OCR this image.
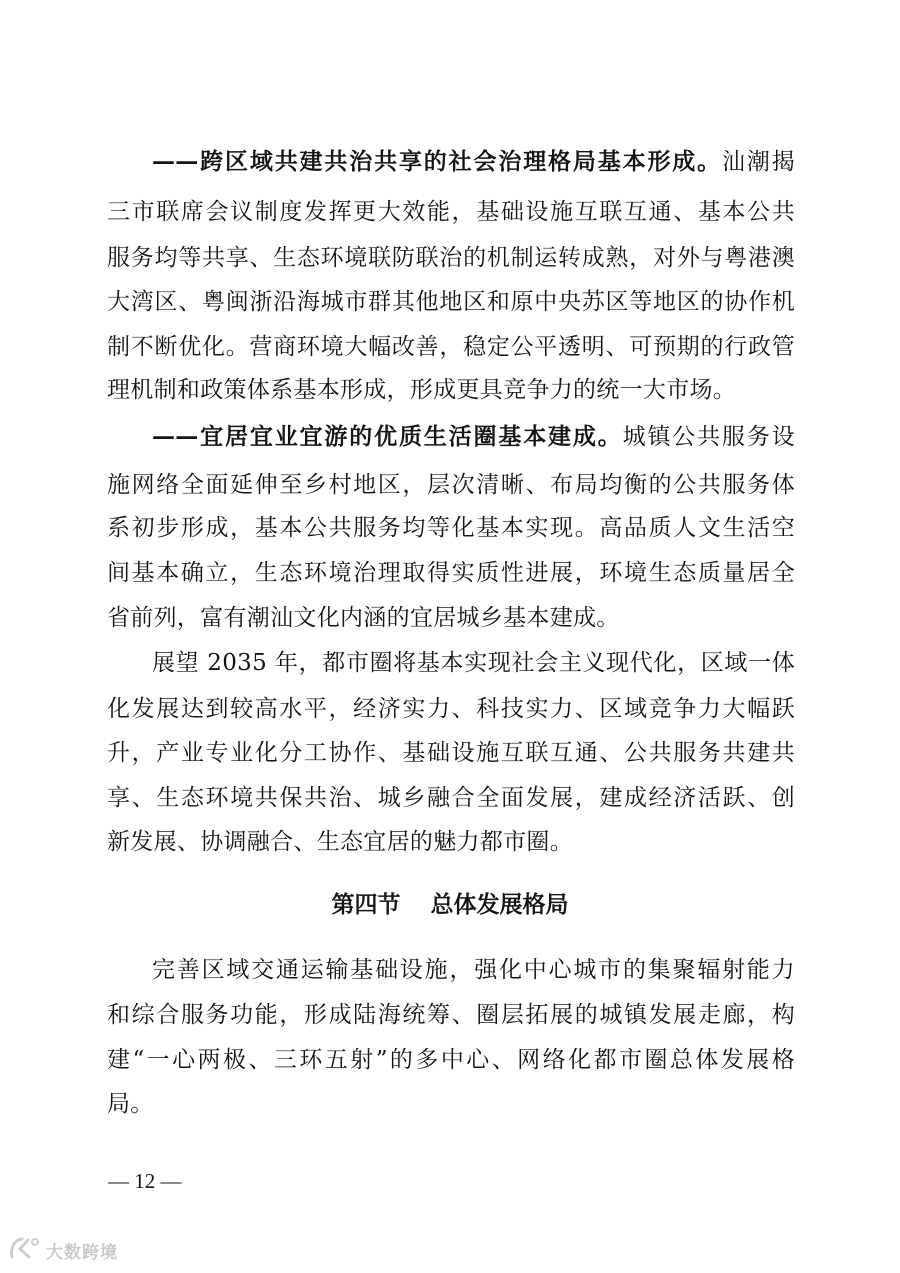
——跨区域共建共治共享的社会治理格局基本形成。汕潮揭
三市联席会议制度发挥更大效能，基础设施互联互通、基本公共
服务均等共享、生态环境联防联治的机制运转成熟，对外与粤港澳
大湾区、粤闽浙沿海城市群其他地区和原中央苏区等地区的协作机
制不断优化。营商环境大幅改善，稳定公平透明、可预期的行政管
理机制和政策体系基本形成，形成更具竞争力的统一大市场。
——宜居宜业宜游的优质生活圈基本建成。城镇公共服务设
施网络全面延伸至乡村地区，层次清晰、布局均衡的公共服务体
系初步形成，基本公共服务均等化基本实现。高品质人文生活空
间基本确立，生态环境治理取得实质性进展，环境生态质量居全
省前列，富有潮汕文化内涵的宜居城乡基本建成。
展望 2035 年，都市圈将基本实现社会主义现代化，区域一体
化发展达到较高水平，经济实力、科技实力、区域竞争力大幅跃
升，产业专业化分工协作、基础设施互联互通、公共服务共建共
享、生态环境共保共治、城乡融合全面发展，建成经济活跃、创
新发展、协调融合、生态宜居的魅力都市圈。
第四节 总体发展格局
完善区域交通运输基础设施，强化中心城市的集聚辐射能力
和综合服务功能，形成陆海统筹、圈层拓展的城镇发展走廊，构
建“一心两极、三环五射”的多中心、网络化都市圈总体发展格
局。
— 12 —
大数跨境
